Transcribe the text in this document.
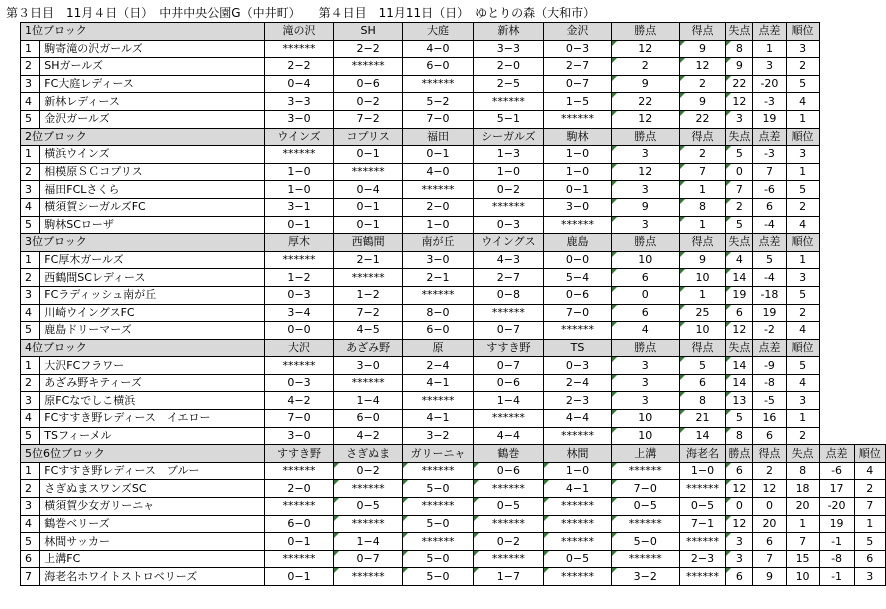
第３日目　11月４日（日）　中井中央公園G（中井町）　　第４日目　11月11日（日）　ゆとりの森（大和市）
1位ブロック		滝の沢	SH	大庭	新林	金沢	勝点	得点	失点	点差	順位		
1	駒寄滝の沢ガールズ	******	2−2	4−0	3−3	0−3	12	9	8	1	3		
2	SHガールズ	2−2	******	6−0	2−0	2−7	2	12	9	3	2		
3	FC大庭レディース	0−4	0−6	******	2−5	0−7	9	2	22	-20	5		
4	新林レディース	3−3	0−2	5−2	******	1−5	22	9	12	-3	4		
5	金沢ガールズ	3−0	7−2	7−0	5−1	******	12	22	3	19	1		
2位ブロック		ウインズ	コプリス	福田	シーガルズ	駒林	勝点	得点	失点	点差	順位		
1	横浜ウインズ	******	0−1	0−1	1−3	1−0	3	2	5	-3	3		
2	相模原ＳＣコプリス	1−0	******	4−0	1−0	1−0	12	7	0	7	1		
3	福田FCLさくら	1−0	0−4	******	0−2	0−1	3	1	7	-6	5		
4	横須賀シーガルズFC	3−1	0−1	2−0	******	3−0	9	8	2	6	2		
5	駒林SCローザ	0−1	0−1	1−0	0−3	******	3	1	5	-4	4		
3位ブロック		厚木	西鶴間	南が丘	ウイングス	鹿島	勝点	得点	失点	点差	順位		
1	FC厚木ガールズ	******	2−1	3−0	4−3	0−0	10	9	4	5	1		
2	西鶴間SCレディース	1−2	******	2−1	2−7	5−4	6	10	14	-4	3		
3	FCラディッシュ南が丘	0−3	1−2	******	0−8	0−6	0	1	19	-18	5		
4	川崎ウイングスFC	3−4	7−2	8−0	******	7−0	6	25	6	19	2		
5	鹿島ドリーマーズ	0−0	4−5	6−0	0−7	******	4	10	12	-2	4		
4位ブロック		大沢	あざみ野	原	すすき野	TS	勝点	得点	失点	点差	順位		
1	大沢FCフラワー	******	3−0	2−4	0−7	0−3	3	5	14	-9	5		
2	あざみ野キティーズ	0−3	******	4−1	0−6	2−4	3	6	14	-8	4		
3	原FCなでしこ横浜	4−2	1−4	******	1−4	2−3	3	8	13	-5	3		
4	FCすすき野レディース　イエロー	7−0	6−0	4−1	******	4−4	10	21	5	16	1		
5	TSフィーメル	3−0	4−2	3−2	4−4	******	10	14	8	6	2		
5位6位ブロック		すすき野	さぎぬま	ガリーニャ	鶴巻	林間	上溝	海老名	勝点	得点	失点	点差	順位
1	FCすすき野レディース　ブルー	******	0−2	******	0−6	1−0	******	1−0	6	2	8	-6	4
2	さぎぬまスワンズSC	2−0	******	5−0	******	4−1	7−0	******	12	12	18	17	2
3	横須賀少女ガリーニャ	******	0−5	******	0−5	******	0−5	0−5	0	0	20	-20	7
4	鶴巻ベリーズ	6−0	******	5−0	******	******	******	7−1	12	20	1	19	1
5	林間サッカー	0−1	1−4	******	0−2	******	5−0	******	3	6	7	-1	5
6	上溝FC	******	0−7	5−0	******	0−5	******	2−3	3	7	15	-8	6
7	海老名ホワイトストロベリーズ	0−1	******	5−0	1−7	******	3−2	******	6	9	10	-1	3
